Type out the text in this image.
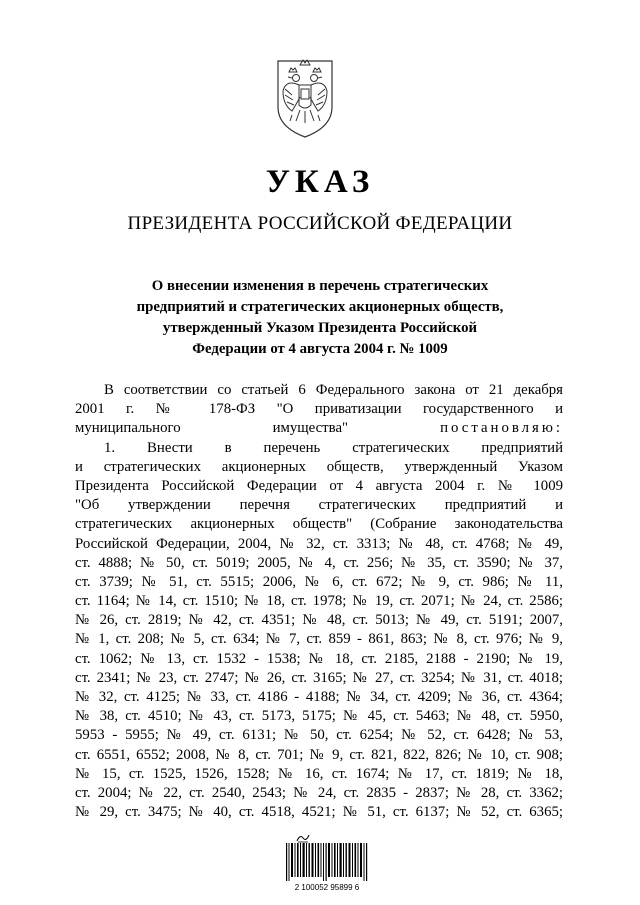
УКАЗ
ПРЕЗИДЕНТА РОССИЙСКОЙ ФЕДЕРАЦИИ
О внесении изменения в перечень стратегических
предприятий и стратегических акционерных обществ,
утвержденный Указом Президента Российской
Федерации от 4 августа 2004 г. № 1009
В соответствии со статьей 6 Федерального закона от 21 декабря
2001 г. № 178-ФЗ "О приватизации государственного и
муниципального имущества"	постановляю:
1. Внести в перечень стратегических предприятий
и стратегических акционерных обществ, утвержденный Указом
Президента Российской Федерации от 4 августа 2004 г. № 1009
"Об утверждении перечня стратегических предприятий и
стратегических акционерных обществ" (Собрание законодательства
Российской Федерации, 2004, № 32, ст. 3313; № 48, ст. 4768; № 49,
ст. 4888; № 50, ст. 5019; 2005, № 4, ст. 256; № 35, ст. 3590; № 37,
ст. 3739; № 51, ст. 5515; 2006, № 6, ст. 672; № 9, ст. 986; № 11,
ст. 1164; № 14, ст. 1510; № 18, ст. 1978; № 19, ст. 2071; № 24, ст. 2586;
№ 26, ст. 2819; № 42, ст. 4351; № 48, ст. 5013; № 49, ст. 5191; 2007,
№ 1, ст. 208; № 5, ст. 634; № 7, ст. 859 - 861, 863; № 8, ст. 976; № 9,
ст. 1062; № 13, ст. 1532 - 1538; № 18, ст. 2185, 2188 - 2190; № 19,
ст. 2341; № 23, ст. 2747; № 26, ст. 3165; № 27, ст. 3254; № 31, ст. 4018;
№ 32, ст. 4125; № 33, ст. 4186 - 4188; № 34, ст. 4209; № 36, ст. 4364;
№ 38, ст. 4510; № 43, ст. 5173, 5175; № 45, ст. 5463; № 48, ст. 5950,
5953 - 5955; № 49, ст. 6131; № 50, ст. 6254; № 52, ст. 6428; № 53,
ст. 6551, 6552; 2008, № 8, ст. 701; № 9, ст. 821, 822, 826; № 10, ст. 908;
№ 15, ст. 1525, 1526, 1528; № 16, ст. 1674; № 17, ст. 1819; № 18,
ст. 2004; № 22, ст. 2540, 2543; № 24, ст. 2835 - 2837; № 28, ст. 3362;
№ 29, ст. 3475; № 40, ст. 4518, 4521; № 51, ст. 6137; № 52, ст. 6365;
2 100052 95899 6
